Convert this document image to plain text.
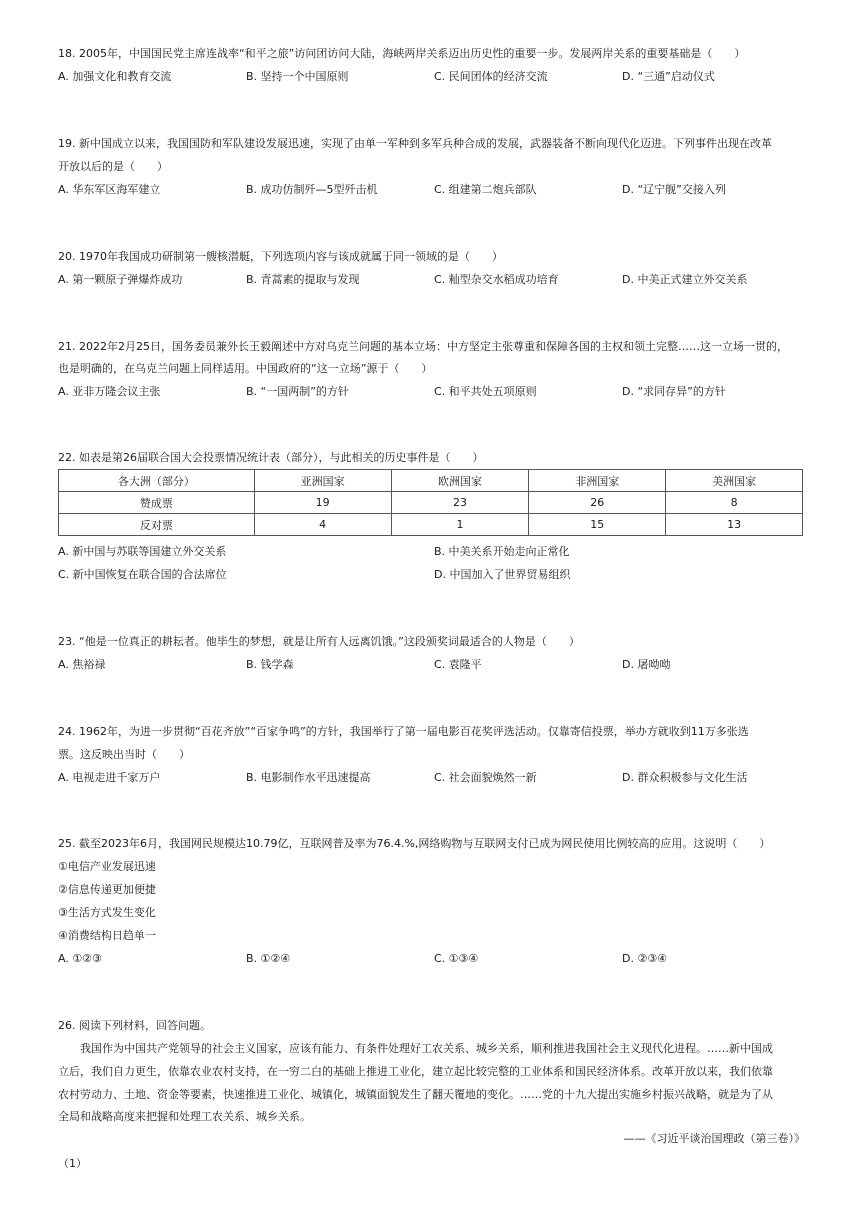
18. 2005年，中国国民党主席连战率“和平之旅”访问团访问大陆，海峡两岸关系迈出历史性的重要一步。发展两岸关系的重要基础是（　　）
A. 加强文化和教育交流	B. 坚持一个中国原则	C. 民间团体的经济交流	D. “三通”启动仪式
19. 新中国成立以来，我国国防和军队建设发展迅速，实现了由单一军种到多军兵种合成的发展，武器装备不断向现代化迈进。下列事件出现在改革
开放以后的是（　　）
A. 华东军区海军建立	B. 成功仿制歼—5型歼击机	C. 组建第二炮兵部队	D. “辽宁舰”交接入列
20. 1970年我国成功研制第一艘核潜艇，下列选项内容与该成就属于同一领域的是（　　）
A. 第一颗原子弹爆炸成功	B. 青蒿素的提取与发现	C. 籼型杂交水稻成功培育	D. 中美正式建立外交关系
21. 2022年2月25日，国务委员兼外长王毅阐述中方对乌克兰问题的基本立场：中方坚定主张尊重和保障各国的主权和领土完整……这一立场一贯的，
也是明确的，在乌克兰问题上同样适用。中国政府的“这一立场”源于（　　）
A. 亚非万隆会议主张	B. “一国两制”的方针	C. 和平共处五项原则	D. “求同存异”的方针
22. 如表是第26届联合国大会投票情况统计表（部分），与此相关的历史事件是（　　）
各大洲（部分）	亚洲国家	欧洲国家	非洲国家	美洲国家
赞成票	19	23	26	8
反对票	4	1	15	13
A. 新中国与苏联等国建立外交关系	B. 中美关系开始走向正常化
C. 新中国恢复在联合国的合法席位	D. 中国加入了世界贸易组织
23. “他是一位真正的耕耘者。他毕生的梦想，就是让所有人远离饥饿。”这段颁奖词最适合的人物是（　　）
A. 焦裕禄	B. 钱学森	C. 袁隆平	D. 屠呦呦
24. 1962年，为进一步贯彻“百花齐放”“百家争鸣”的方针，我国举行了第一届电影百花奖评选活动。仅靠寄信投票，举办方就收到11万多张选
票。这反映出当时（　　）
A. 电视走进千家万户	B. 电影制作水平迅速提高	C. 社会面貌焕然一新	D. 群众积极参与文化生活
25. 截至2023年6月，我国网民规模达10.79亿，互联网普及率为76.4.%,网络购物与互联网支付已成为网民使用比例较高的应用。这说明（　　）
①电信产业发展迅速
②信息传递更加便捷
③生活方式发生变化
④消费结构日趋单一
A. ①②③	B. ①②④	C. ①③④	D. ②③④
26. 阅读下列材料，回答问题。
我国作为中国共产党领导的社会主义国家，应该有能力、有条件处理好工农关系、城乡关系，顺利推进我国社会主义现代化进程。……新中国成
立后，我们自力更生，依靠农业农村支持，在一穷二白的基础上推进工业化，建立起比较完整的工业体系和国民经济体系。改革开放以来，我们依靠
农村劳动力、土地、资金等要素，快速推进工业化、城镇化，城镇面貌发生了翻天覆地的变化。……党的十九大提出实施乡村振兴战略，就是为了从
全局和战略高度来把握和处理工农关系、城乡关系。
——《习近平谈治国理政（第三卷）》
（1）
